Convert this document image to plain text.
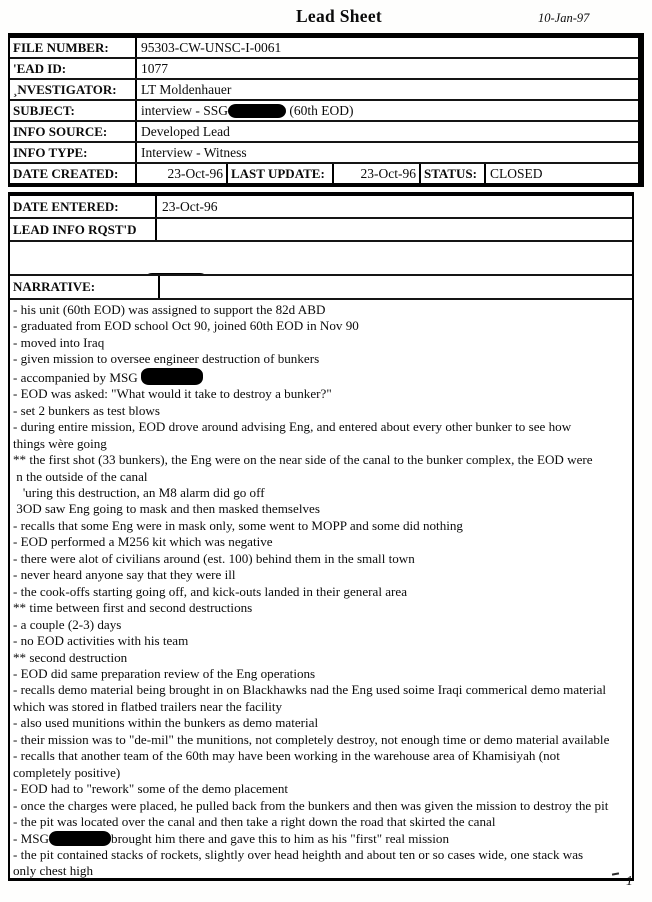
Lead Sheet	10-Jan-97
FILE NUMBER:	95303-CW-UNSC-I-0061
'EAD ID:	1077
¸NVESTIGATOR:	LT Moldenhauer
SUBJECT:	interview - SSG	(60th EOD)
INFO SOURCE:	Developed Lead
INFO TYPE:	Interview - Witness
DATE CREATED:	23-Oct-96 LAST UPDATE:	23-Oct-96 STATUS: CLOSED
DATE ENTERED:	23-Oct-96
LEAD INFO RQST'D

NARRATIVE:
- his unit (60th EOD) was assigned to support the 82d ABD
- graduated from EOD school Oct 90, joined 60th EOD in Nov 90
- moved into Iraq
- given mission to oversee engineer destruction of bunkers
- accompanied by MSG
- EOD was asked: "What would it take to destroy a bunker?"
- set 2 bunkers as test blows
- during entire mission, EOD drove around advising Eng, and entered about every other bunker to see how
things wère going
** the first shot (33 bunkers), the Eng were on the near side of the canal to the bunker complex, the EOD were
n the outside of the canal
'uring this destruction, an M8 alarm did go off
3OD saw Eng going to mask and then masked themselves
- recalls that some Eng were in mask only, some went to MOPP and some did nothing
- EOD performed a M256 kit which was negative
- there were alot of civilians around (est. 100) behind them in the small town
- never heard anyone say that they were ill
- the cook-offs starting going off, and kick-outs landed in their general area
** time between first and second destructions
- a couple (2-3) days
- no EOD activities with his team
** second destruction
- EOD did same preparation review of the Eng operations
- recalls demo material being brought in on Blackhawks nad the Eng used soime Iraqi commerical demo material
which was stored in flatbed trailers near the facility
- also used munitions within the bunkers as demo material
- their mission was to "de-mil" the munitions, not completely destroy, not enough time or demo material available
- recalls that another team of the 60th may have been working in the warehouse area of Khamisiyah (not
completely positive)
- EOD had to "rework" some of the demo placement
- once the charges were placed, he pulled back from the bunkers and then was given the mission to destroy the pit
- the pit was located over the canal and then take a right down the road that skirted the canal
- MSG	brought him there and gave this to him as his "first" real mission
- the pit contained stacks of rockets, slightly over head heighth and about ten or so cases wide, one stack was
only chest high
1
